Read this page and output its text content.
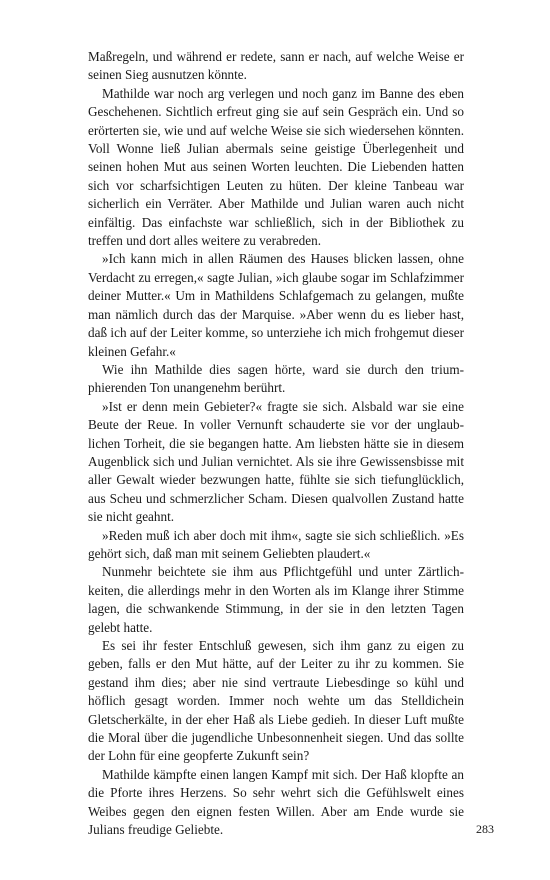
Maßregeln, und während er redete, sann er nach, auf welche Weise er seinen Sieg ausnutzen könnte.

Mathilde war noch arg verlegen und noch ganz im Banne des eben Geschehenen. Sichtlich erfreut ging sie auf sein Gespräch ein. Und so erörterten sie, wie und auf welche Weise sie sich wiedersehen könnten. Voll Wonne ließ Julian abermals seine geistige Überlegenheit und seinen hohen Mut aus seinen Worten leuchten. Die Liebenden hatten sich vor scharfsichtigen Leuten zu hüten. Der kleine Tanbeau war sicherlich ein Verräter. Aber Mathilde und Julian waren auch nicht einfältig. Das einfachste war schließlich, sich in der Bibliothek zu treffen und dort alles weitere zu verabreden.

»Ich kann mich in allen Räumen des Hauses blicken lassen, ohne Verdacht zu erregen,« sagte Julian, »ich glaube sogar im Schlafzimmer deiner Mutter.« Um in Mathildens Schlafgemach zu gelangen, mußte man nämlich durch das der Marquise. »Aber wenn du es lieber hast, daß ich auf der Leiter komme, so unterziehe ich mich frohgemut dieser kleinen Gefahr.«

Wie ihn Mathilde dies sagen hörte, ward sie durch den triumphierenden Ton unangenehm berührt.

»Ist er denn mein Gebieter?« fragte sie sich. Alsbald war sie eine Beute der Reue. In voller Vernunft schauderte sie vor der unglaublichen Torheit, die sie begangen hatte. Am liebsten hätte sie in diesem Augenblick sich und Julian vernichtet. Als sie ihre Gewissensbisse mit aller Gewalt wieder bezwungen hatte, fühlte sie sich tiefunglücklich, aus Scheu und schmerzlicher Scham. Diesen qualvollen Zustand hatte sie nicht geahnt.

»Reden muß ich aber doch mit ihm«, sagte sie sich schließlich. »Es gehört sich, daß man mit seinem Geliebten plaudert.«

Nunmehr beichtete sie ihm aus Pflichtgefühl und unter Zärtlichkeiten, die allerdings mehr in den Worten als im Klange ihrer Stimme lagen, die schwankende Stimmung, in der sie in den letzten Tagen gelebt hatte.

Es sei ihr fester Entschluß gewesen, sich ihm ganz zu eigen zu geben, falls er den Mut hätte, auf der Leiter zu ihr zu kommen. Sie gestand ihm dies; aber nie sind vertraute Liebesdinge so kühl und höflich gesagt worden. Immer noch wehte um das Stelldichein Gletscherkälte, in der eher Haß als Liebe gedieh. In dieser Luft mußte die Moral über die jugendliche Unbesonnenheit siegen. Und das sollte der Lohn für eine geopferte Zukunft sein?

Mathilde kämpfte einen langen Kampf mit sich. Der Haß klopfte an die Pforte ihres Herzens. So sehr wehrt sich die Gefühlswelt eines Weibes gegen den eignen festen Willen. Aber am Ende wurde sie Julians freudige Geliebte.	283
